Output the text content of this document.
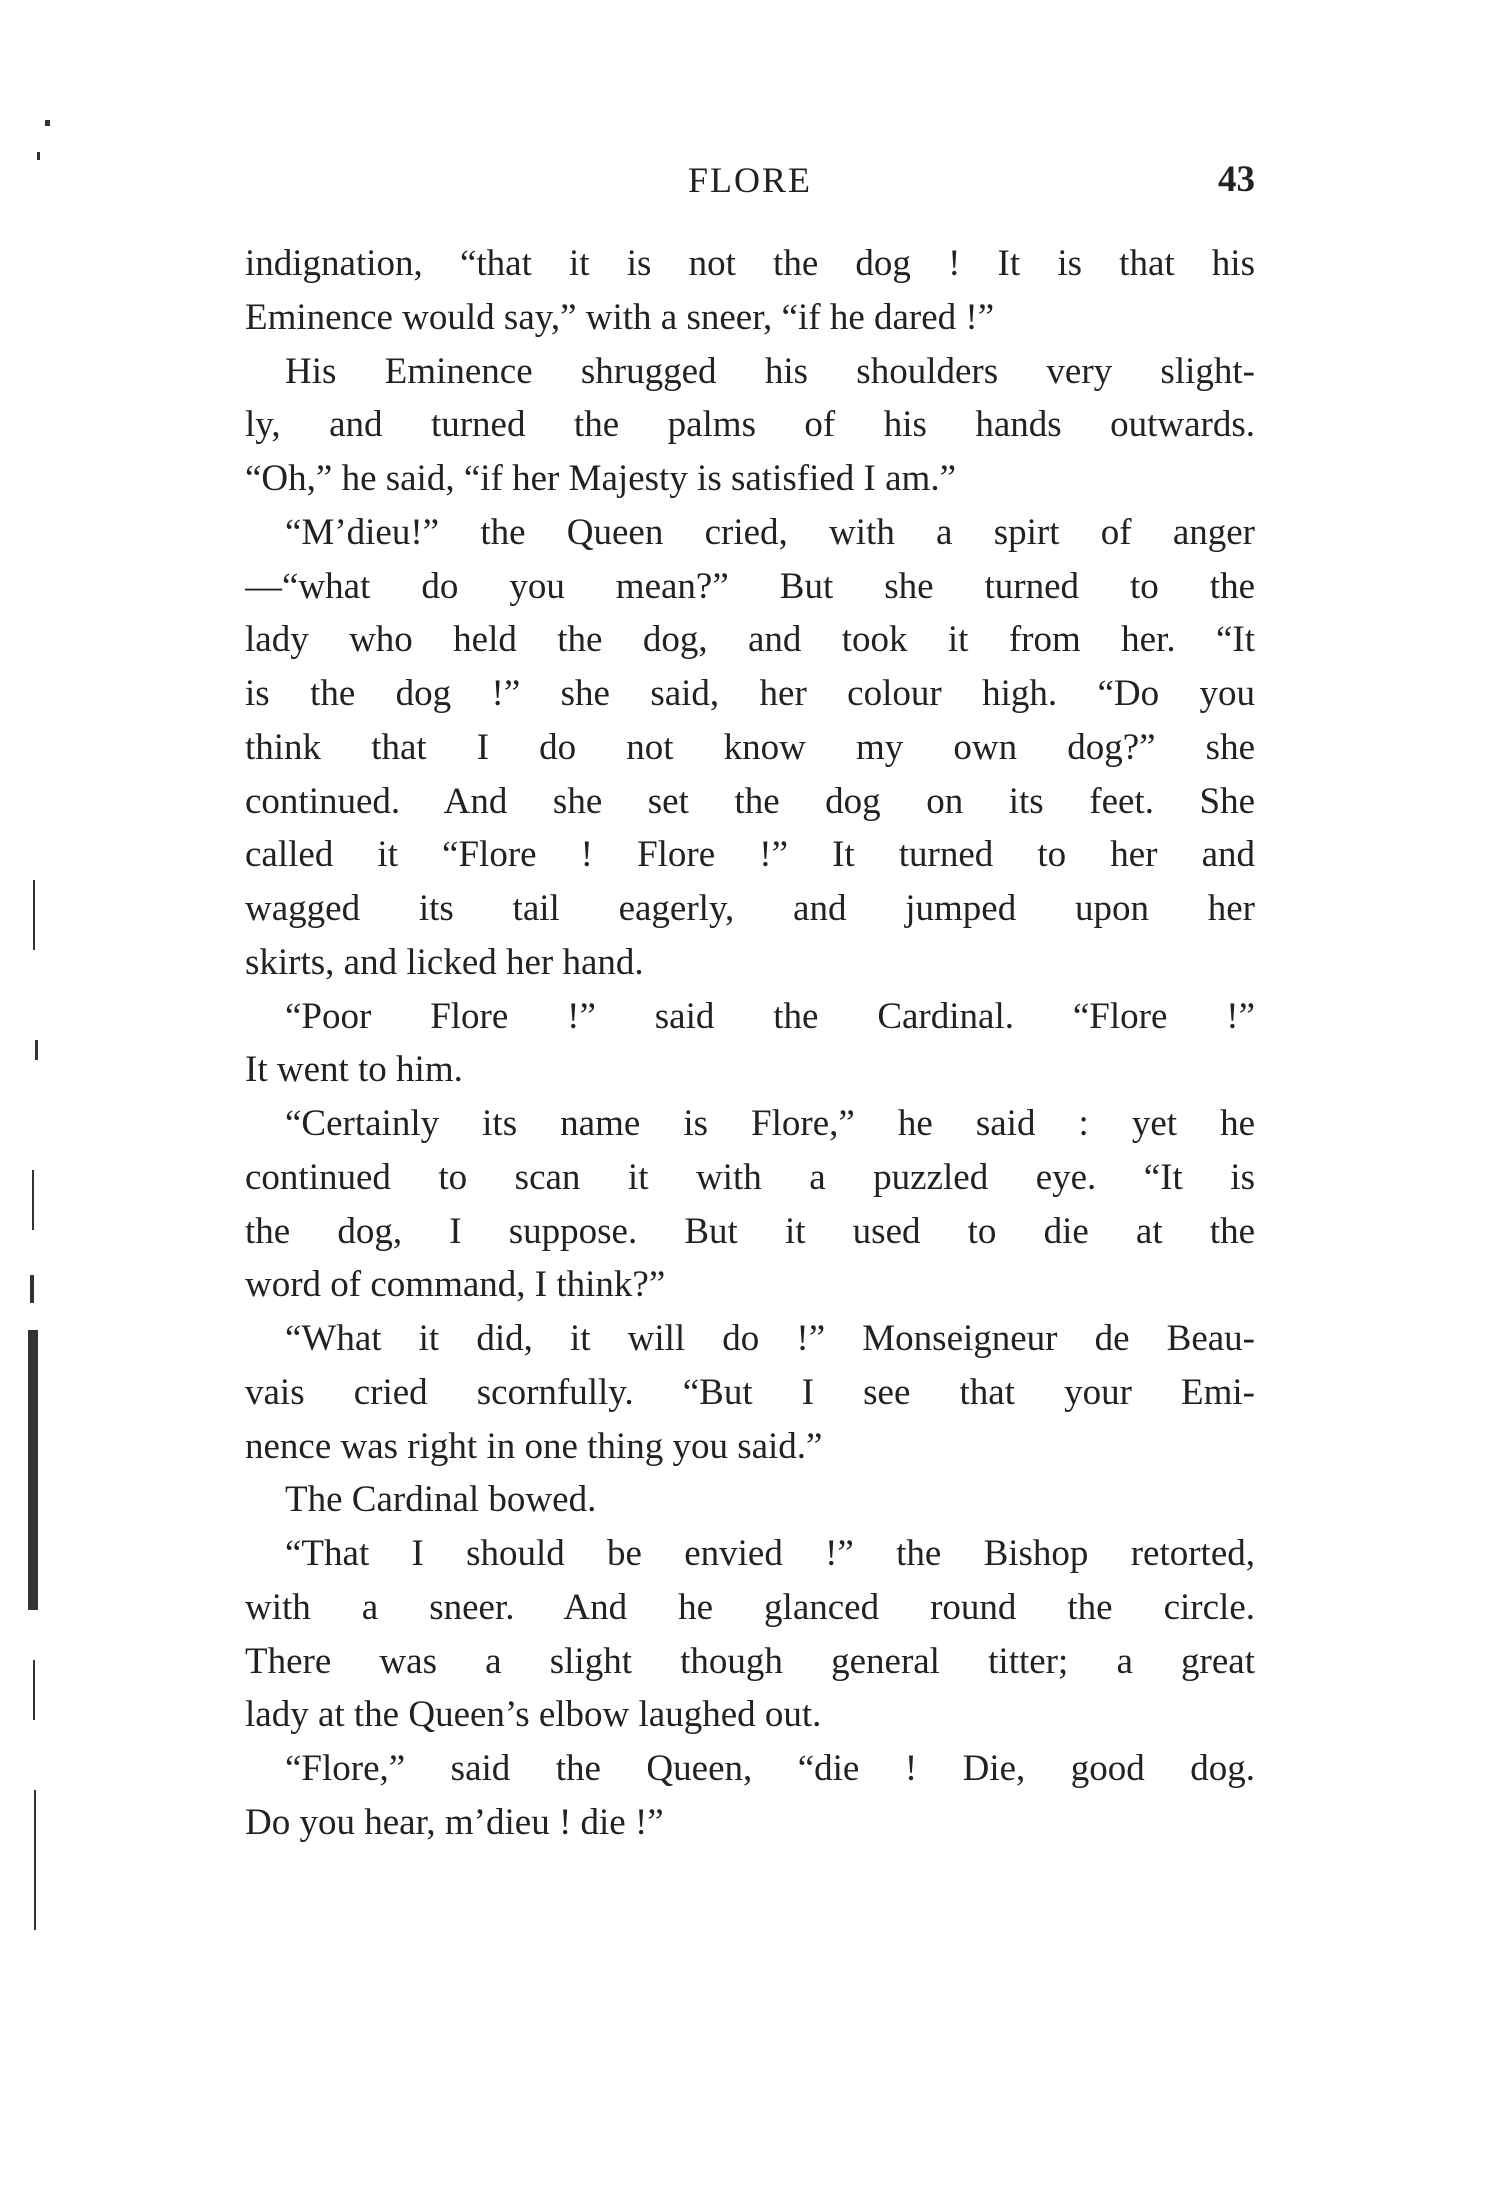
FLORE	43
indignation, “that it is not the dog ! It is that his
Eminence would say,” with a sneer, “if he dared !”
His Eminence shrugged his shoulders very slight-
ly, and turned the palms of his hands outwards.
“Oh,” he said, “if her Majesty is satisfied I am.”
“M’dieu!” the Queen cried, with a spirt of anger
—“what do you mean?” But she turned to the
lady who held the dog, and took it from her. “It
is the dog !” she said, her colour high. “Do you
think that I do not know my own dog?” she
continued. And she set the dog on its feet. She
called it “Flore ! Flore !” It turned to her and
wagged its tail eagerly, and jumped upon her
skirts, and licked her hand.
“Poor Flore !” said the Cardinal. “Flore !”
It went to him.
“Certainly its name is Flore,” he said : yet he
continued to scan it with a puzzled eye. “It is
the dog, I suppose. But it used to die at the
word of command, I think?”
“What it did, it will do !” Monseigneur de Beau-
vais cried scornfully. “But I see that your Emi-
nence was right in one thing you said.”
The Cardinal bowed.
“That I should be envied !” the Bishop retorted,
with a sneer. And he glanced round the circle.
There was a slight though general titter; a great
lady at the Queen’s elbow laughed out.
“Flore,” said the Queen, “die ! Die, good dog.
Do you hear, m’dieu ! die !”
